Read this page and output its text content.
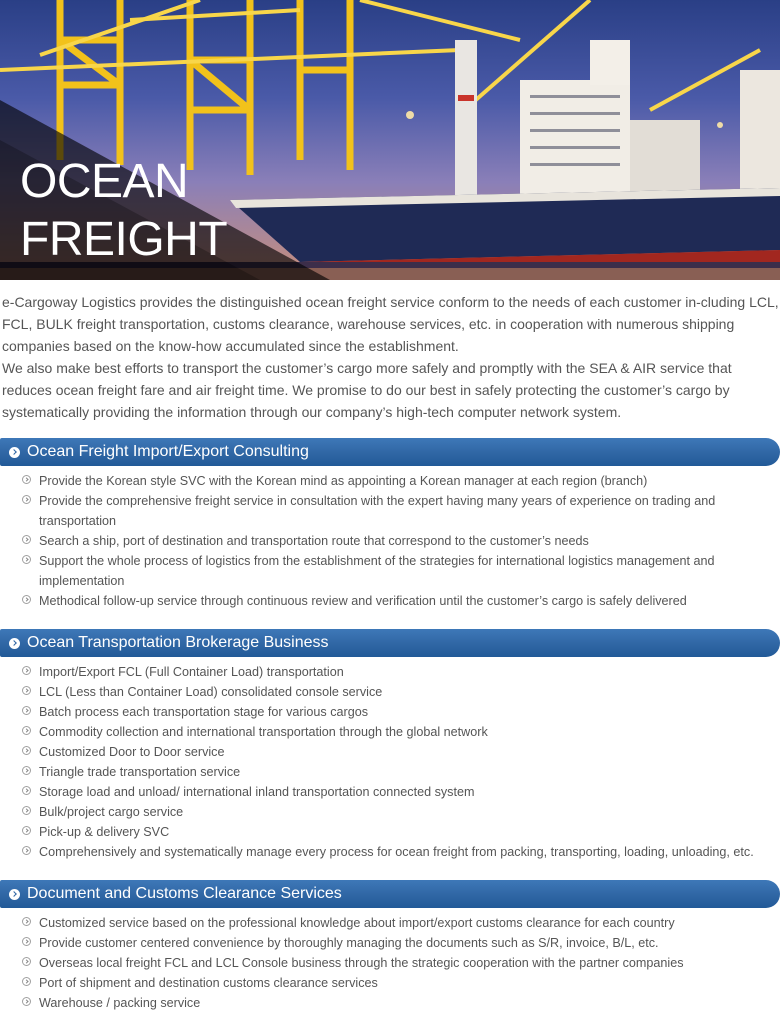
OCEAN
FREIGHT

e-Cargoway Logistics provides the distinguished ocean freight service conform to the needs of each customer in-cluding LCL, FCL, BULK freight transportation, customs clearance, warehouse services, etc. in cooperation with numerous shipping companies based on the know-how accumulated since the establishment.

We also make best efforts to transport the customer’s cargo more safely and promptly with the SEA & AIR service that reduces ocean freight fare and air freight time. We promise to do our best in safely protecting the customer’s cargo by systematically providing the information through our company’s high-tech computer network system.

Ocean Freight Import/Export Consulting
Provide the Korean style SVC with the Korean mind as appointing a Korean manager at each region (branch)
Provide the comprehensive freight service in consultation with the expert having many years of experience on trading and transportation
Search a ship, port of destination and transportation route that correspond to the customer’s needs
Support the whole process of logistics from the establishment of the strategies for international logistics management and implementation
Methodical follow-up service through continuous review and verification until the customer’s cargo is safely delivered
Ocean Transportation Brokerage Business
Import/Export FCL (Full Container Load) transportation
LCL (Less than Container Load) consolidated console service
Batch process each transportation stage for various cargos
Commodity collection and international transportation through the global network
Customized Door to Door service
Triangle trade transportation service
Storage load and unload/ international inland transportation connected system
Bulk/project cargo service
Pick-up & delivery SVC
Comprehensively and systematically manage every process for ocean freight from packing, transporting, loading, unloading, etc.
Document and Customs Clearance Services
Customized service based on the professional knowledge about import/export customs clearance for each country
Provide customer centered convenience by thoroughly managing the documents such as S/R, invoice, B/L, etc.
Overseas local freight FCL and LCL Console business through the strategic cooperation with the partner companies
Port of shipment and destination customs clearance services
Warehouse / packing service
